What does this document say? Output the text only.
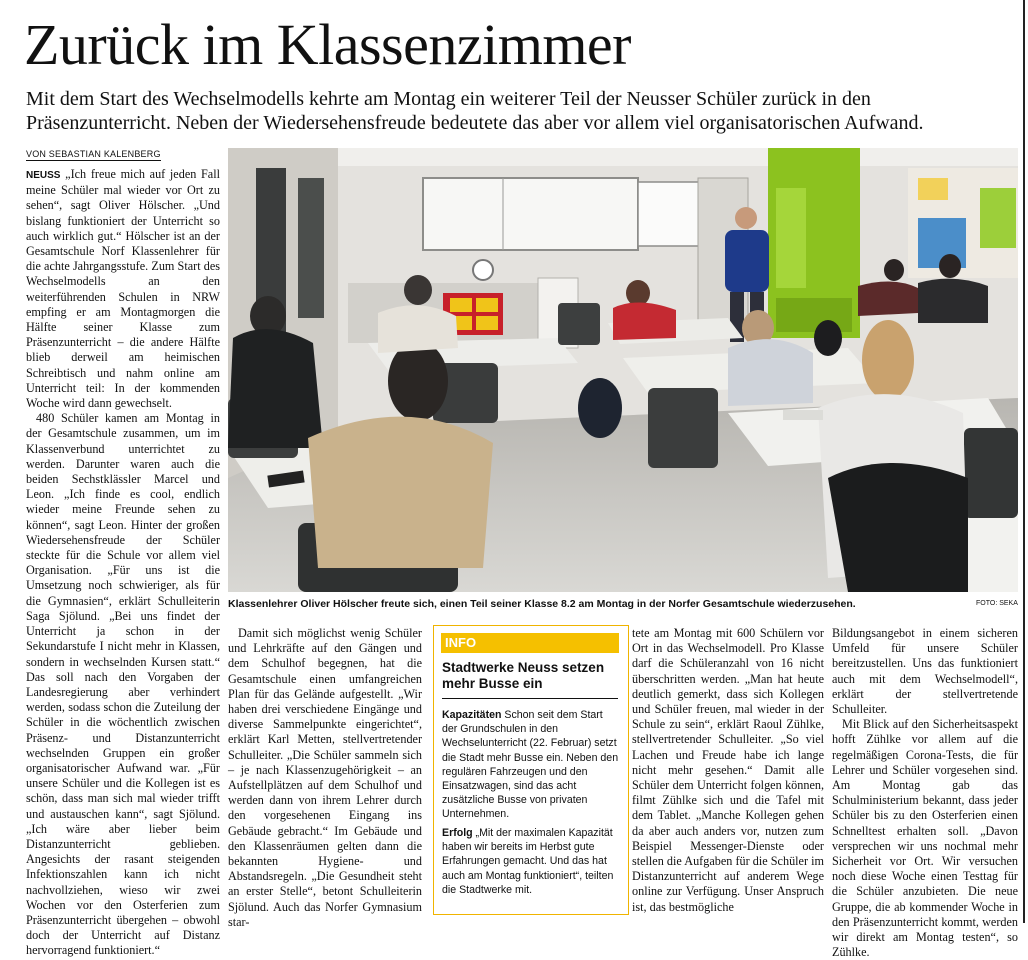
Zurück im Klassenzimmer

Mit dem Start des Wechselmodells kehrte am Montag ein weiterer Teil der Neusser Schüler zurück in den Präsenzunterricht. Neben der Wiedersehensfreude bedeutete das aber vor allem viel organisatorischen Aufwand.

VON SEBASTIAN KALENBERG

NEUSS „Ich freue mich auf jeden Fall meine Schüler mal wieder vor Ort zu sehen“, sagt Oliver Hölscher. „Und bislang funktioniert der Unterricht so auch wirklich gut.“ Hölscher ist an der Gesamtschule Norf Klassenlehrer für die achte Jahrgangsstufe. Zum Start des Wechselmodells an den weiterführenden Schulen in NRW empfing er am Montagmorgen die Hälfte seiner Klasse zum Präsenzunterricht – die andere Hälfte blieb derweil am heimischen Schreibtisch und nahm online am Unterricht teil: In der kommenden Woche wird dann gewechselt.

480 Schüler kamen am Montag in der Gesamtschule zusammen, um im Klassenverbund unterrichtet zu werden. Darunter waren auch die beiden Sechstklässler Marcel und Leon. „Ich finde es cool, endlich wieder meine Freunde sehen zu können“, sagt Leon. Hinter der großen Wiedersehensfreude der Schüler steckte für die Schule vor allem viel Organisation. „Für uns ist die Umsetzung noch schwieriger, als für die Gymnasien“, erklärt Schulleiterin Saga Sjölund. „Bei uns findet der Unterricht ja schon in der Sekundarstufe I nicht mehr in Klassen, sondern in wechselnden Kursen statt.“ Das soll nach den Vorgaben der Landesregierung aber verhindert werden, sodass schon die Zuteilung der Schüler in die wöchentlich zwischen Präsenz- und Distanzunterricht wechselnden Gruppen ein großer organisatorischer Aufwand war. „Für unsere Schüler und die Kollegen ist es schön, dass man sich mal wieder trifft und austauschen kann“, sagt Sjölund. „Ich wäre aber lieber beim Distanzunterricht geblieben. Angesichts der rasant steigenden Infektionszahlen kann ich nicht nachvollziehen, wieso wir zwei Wochen vor den Osterferien zum Präsenzunterricht übergehen – obwohl doch der Unterricht auf Distanz hervorragend funktioniert.“

Klassenlehrer Oliver Hölscher freute sich, einen Teil seiner Klasse 8.2 am Montag in der Norfer Gesamtschule wiederzusehen.	FOTO: SEKA

Damit sich möglichst wenig Schüler und Lehrkräfte auf den Gängen und dem Schulhof begegnen, hat die Gesamtschule einen umfangreichen Plan für das Gelände aufgestellt. „Wir haben drei verschiedene Eingänge und diverse Sammelpunkte eingerichtet“, erklärt Karl Metten, stellvertretender Schulleiter. „Die Schüler sammeln sich – je nach Klassenzugehörigkeit – an Aufstellplätzen auf dem Schulhof und werden dann von ihrem Lehrer durch den vorgesehenen Eingang ins Gebäude gebracht.“ Im Gebäude und den Klassenräumen gelten dann die bekannten Hygiene- und Abstandsregeln. „Die Gesundheit steht an erster Stelle“, betont Schulleiterin Sjölund. Auch das Norfer Gymnasium star-

INFO
Stadtwerke Neuss setzen mehr Busse ein
Kapazitäten Schon seit dem Start der Grundschulen in den Wechselunterricht (22. Februar) setzt die Stadt mehr Busse ein. Neben den regulären Fahrzeugen und den Einsatzwagen, sind das acht zusätzliche Busse von privaten Unternehmen.
Erfolg „Mit der maximalen Kapazität haben wir bereits im Herbst gute Erfahrungen gemacht. Und das hat auch am Montag funktioniert“, teilten die Stadtwerke mit.

tete am Montag mit 600 Schülern vor Ort in das Wechselmodell. Pro Klasse darf die Schüleranzahl von 16 nicht überschritten werden. „Man hat heute deutlich gemerkt, dass sich Kollegen und Schüler freuen, mal wieder in der Schule zu sein“, erklärt Raoul Zühlke, stellvertretender Schulleiter. „So viel Lachen und Freude habe ich lange nicht mehr gesehen.“ Damit alle Schüler dem Unterricht folgen können, filmt Zühlke sich und die Tafel mit dem Tablet. „Manche Kollegen gehen da aber auch anders vor, nutzen zum Beispiel Messenger-Dienste oder stellen die Aufgaben für die Schüler im Distanzunterricht auf anderem Wege online zur Verfügung. Unser Anspruch ist, das bestmögliche

Bildungsangebot in einem sicheren Umfeld für unsere Schüler bereitzustellen. Uns das funktioniert auch mit dem Wechselmodell“, erklärt der stellvertretende Schulleiter.

Mit Blick auf den Sicherheitsaspekt hofft Zühlke vor allem auf die regelmäßigen Corona-Tests, die für Lehrer und Schüler vorgesehen sind. Am Montag gab das Schulministerium bekannt, dass jeder Schüler bis zu den Osterferien einen Schnelltest erhalten soll. „Davon versprechen wir uns nochmal mehr Sicherheit vor Ort. Wir versuchen noch diese Woche einen Testtag für die Schüler anzubieten. Die neue Gruppe, die ab kommender Woche in den Präsenzunterricht kommt, werden wir direkt am Montag testen“, so Zühlke.
